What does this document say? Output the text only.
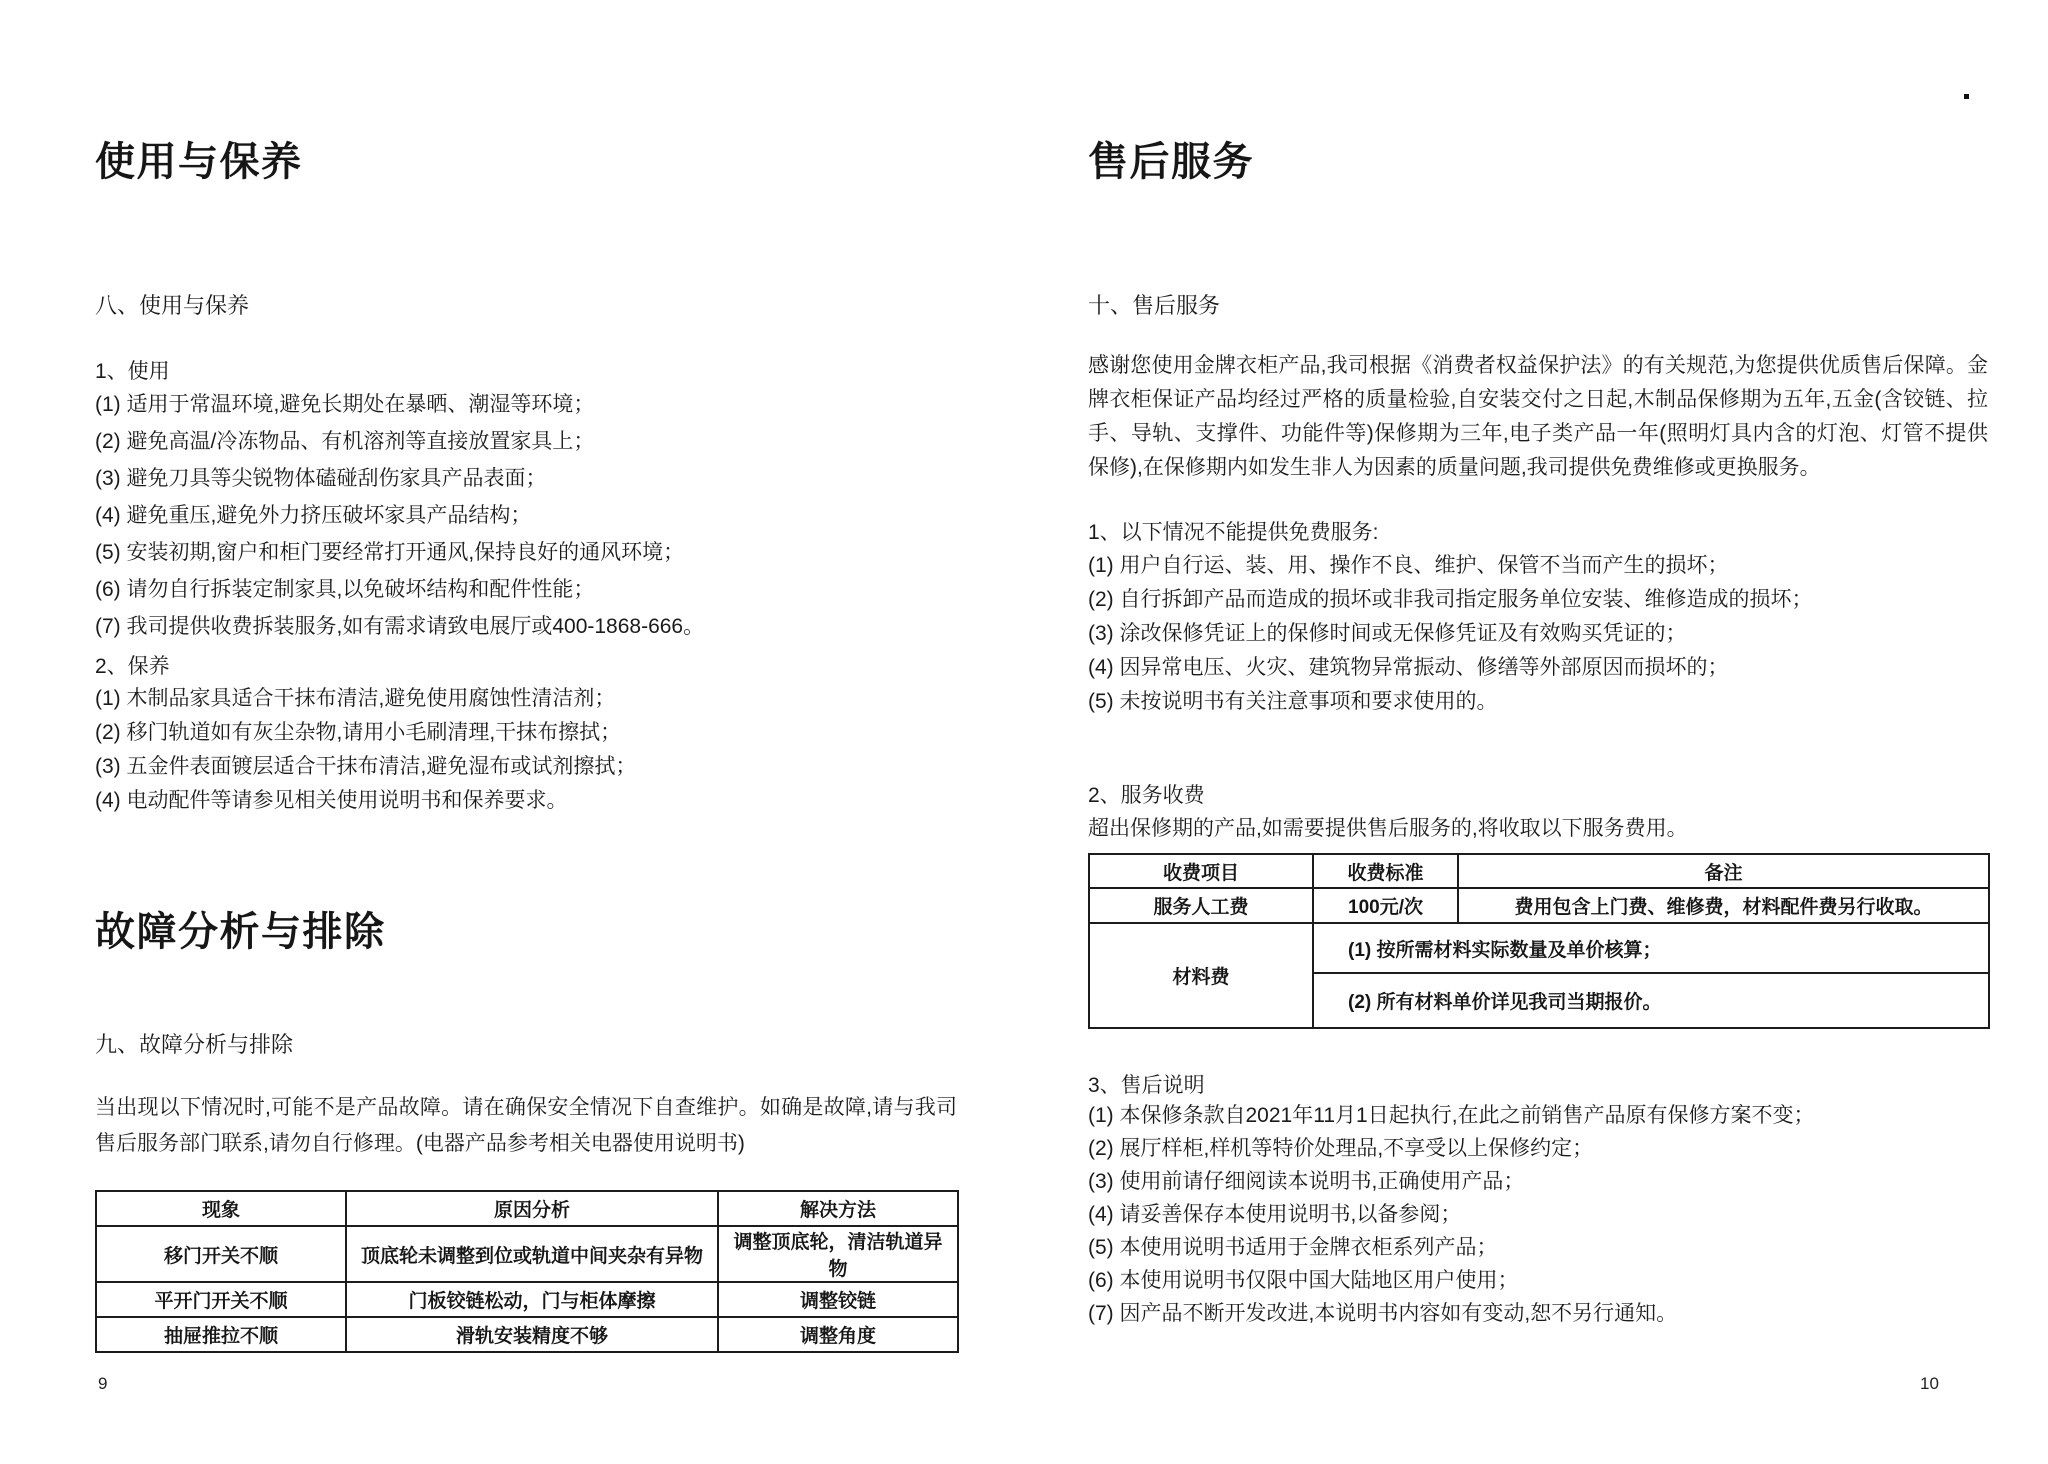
使用与保养
八、使用与保养
1、使用
(1) 适用于常温环境,避免长期处在暴晒、潮湿等环境；
(2) 避免高温/冷冻物品、有机溶剂等直接放置家具上；
(3) 避免刀具等尖锐物体磕碰刮伤家具产品表面；
(4) 避免重压,避免外力挤压破坏家具产品结构；
(5) 安装初期,窗户和柜门要经常打开通风,保持良好的通风环境；
(6) 请勿自行拆装定制家具,以免破坏结构和配件性能；
(7) 我司提供收费拆装服务,如有需求请致电展厅或400-1868-666。
2、保养
(1) 木制品家具适合干抹布清洁,避免使用腐蚀性清洁剂；
(2) 移门轨道如有灰尘杂物,请用小毛刷清理,干抹布擦拭；
(3) 五金件表面镀层适合干抹布清洁,避免湿布或试剂擦拭；
(4) 电动配件等请参见相关使用说明书和保养要求。
故障分析与排除
九、故障分析与排除
当出现以下情况时,可能不是产品故障。请在确保安全情况下自查维护。如确是故障,请与我司售后服务部门联系,请勿自行修理。(电器产品参考相关电器使用说明书)
现象	原因分析	解决方法
移门开关不顺	顶底轮未调整到位或轨道中间夹杂有异物	调整顶底轮，清洁轨道异物
平开门开关不顺	门板铰链松动，门与柜体摩擦	调整铰链
抽屉推拉不顺	滑轨安装精度不够	调整角度
9
售后服务
十、售后服务
感谢您使用金牌衣柜产品,我司根据《消费者权益保护法》的有关规范,为您提供优质售后保障。金牌衣柜保证产品均经过严格的质量检验,自安装交付之日起,木制品保修期为五年,五金(含铰链、拉手、导轨、支撑件、功能件等)保修期为三年,电子类产品一年(照明灯具内含的灯泡、灯管不提供保修),在保修期内如发生非人为因素的质量问题,我司提供免费维修或更换服务。
1、以下情况不能提供免费服务:
(1) 用户自行运、装、用、操作不良、维护、保管不当而产生的损坏；
(2) 自行拆卸产品而造成的损坏或非我司指定服务单位安装、维修造成的损坏；
(3) 涂改保修凭证上的保修时间或无保修凭证及有效购买凭证的；
(4) 因异常电压、火灾、建筑物异常振动、修缮等外部原因而损坏的；
(5) 未按说明书有关注意事项和要求使用的。
2、服务收费
超出保修期的产品,如需要提供售后服务的,将收取以下服务费用。
收费项目	收费标准	备注
服务人工费	100元/次	费用包含上门费、维修费，材料配件费另行收取。
材料费	(1) 按所需材料实际数量及单价核算；	
	(2) 所有材料单价详见我司当期报价。	
3、售后说明
(1) 本保修条款自2021年11月1日起执行,在此之前销售产品原有保修方案不变；
(2) 展厅样柜,样机等特价处理品,不享受以上保修约定；
(3) 使用前请仔细阅读本说明书,正确使用产品；
(4) 请妥善保存本使用说明书,以备参阅；
(5) 本使用说明书适用于金牌衣柜系列产品；
(6) 本使用说明书仅限中国大陆地区用户使用；
(7) 因产品不断开发改进,本说明书内容如有变动,恕不另行通知。
10
